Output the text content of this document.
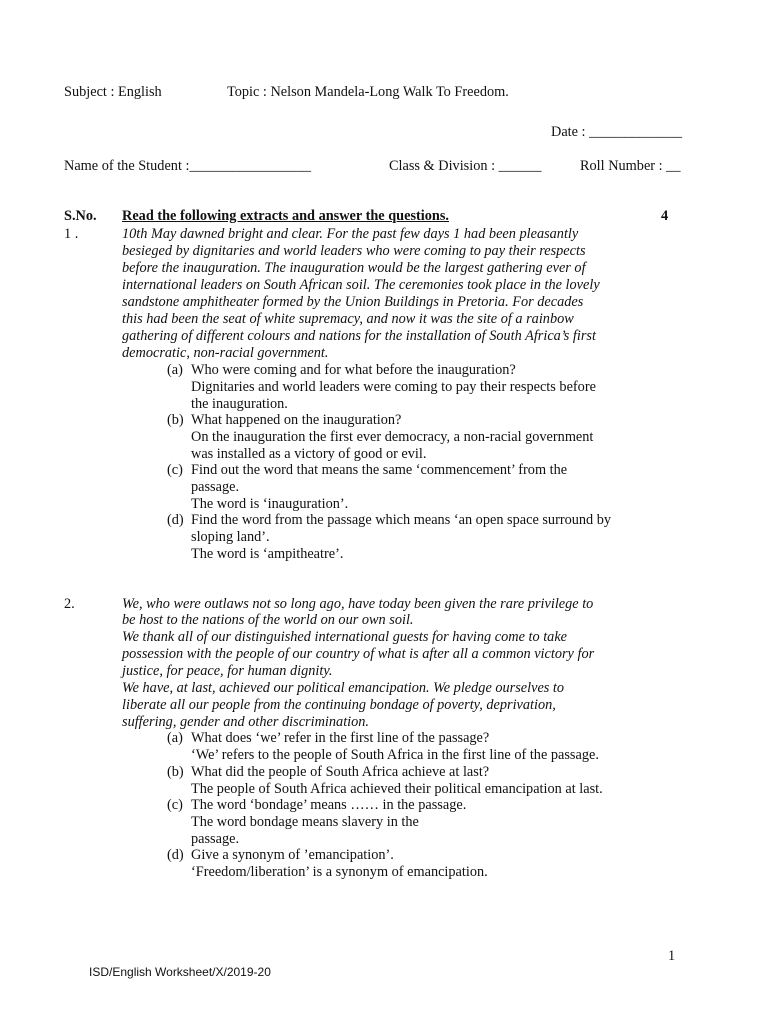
Subject : English	Topic : Nelson Mandela-Long Walk To Freedom.
Date : _____________
Name of the Student :_________________	Class & Division : ______	Roll Number : __
S.No. Read the following extracts and answer the questions.	4
1 .	10th May dawned bright and clear. For the past few days 1 had been pleasantly
besieged by dignitaries and world leaders who were coming to pay their respects
before the inauguration. The inauguration would be the largest gathering ever of
international leaders on South African soil. The ceremonies took place in the lovely
sandstone amphitheater formed by the Union Buildings in Pretoria. For decades
this had been the seat of white supremacy, and now it was the site of a rainbow
gathering of different colours and nations for the installation of South Africa’s first
democratic, non-racial government.
(a) Who were coming and for what before the inauguration?
Dignitaries and world leaders were coming to pay their respects before
the inauguration.
(b) What happened on the inauguration?
On the inauguration the first ever democracy, a non-racial government
was installed as a victory of good or evil.
(c) Find out the word that means the same ‘commencement’ from the
passage.
The word is ‘inauguration’.
(d) Find the word from the passage which means ‘an open space surround by
sloping land’.
The word is ‘ampitheatre’.
2.	We, who were outlaws not so long ago, have today been given the rare privilege to
be host to the nations of the world on our own soil.
We thank all of our distinguished international guests for having come to take
possession with the people of our country of what is after all a common victory for
justice, for peace, for human dignity.
We have, at last, achieved our political emancipation. We pledge ourselves to
liberate all our people from the continuing bondage of poverty, deprivation,
suffering, gender and other discrimination.
(a) What does ‘we’ refer in the first line of the passage?
‘We’ refers to the people of South Africa in the first line of the passage.
(b) What did the people of South Africa achieve at last?
The people of South Africa achieved their political emancipation at last.
(c) The word ‘bondage’ means …… in the passage.
The word bondage means slavery in the
passage.
(d) Give a synonym of ’emancipation’.
‘Freedom/liberation’ is a synonym of emancipation.
1
ISD/English Worksheet/X/2019-20
